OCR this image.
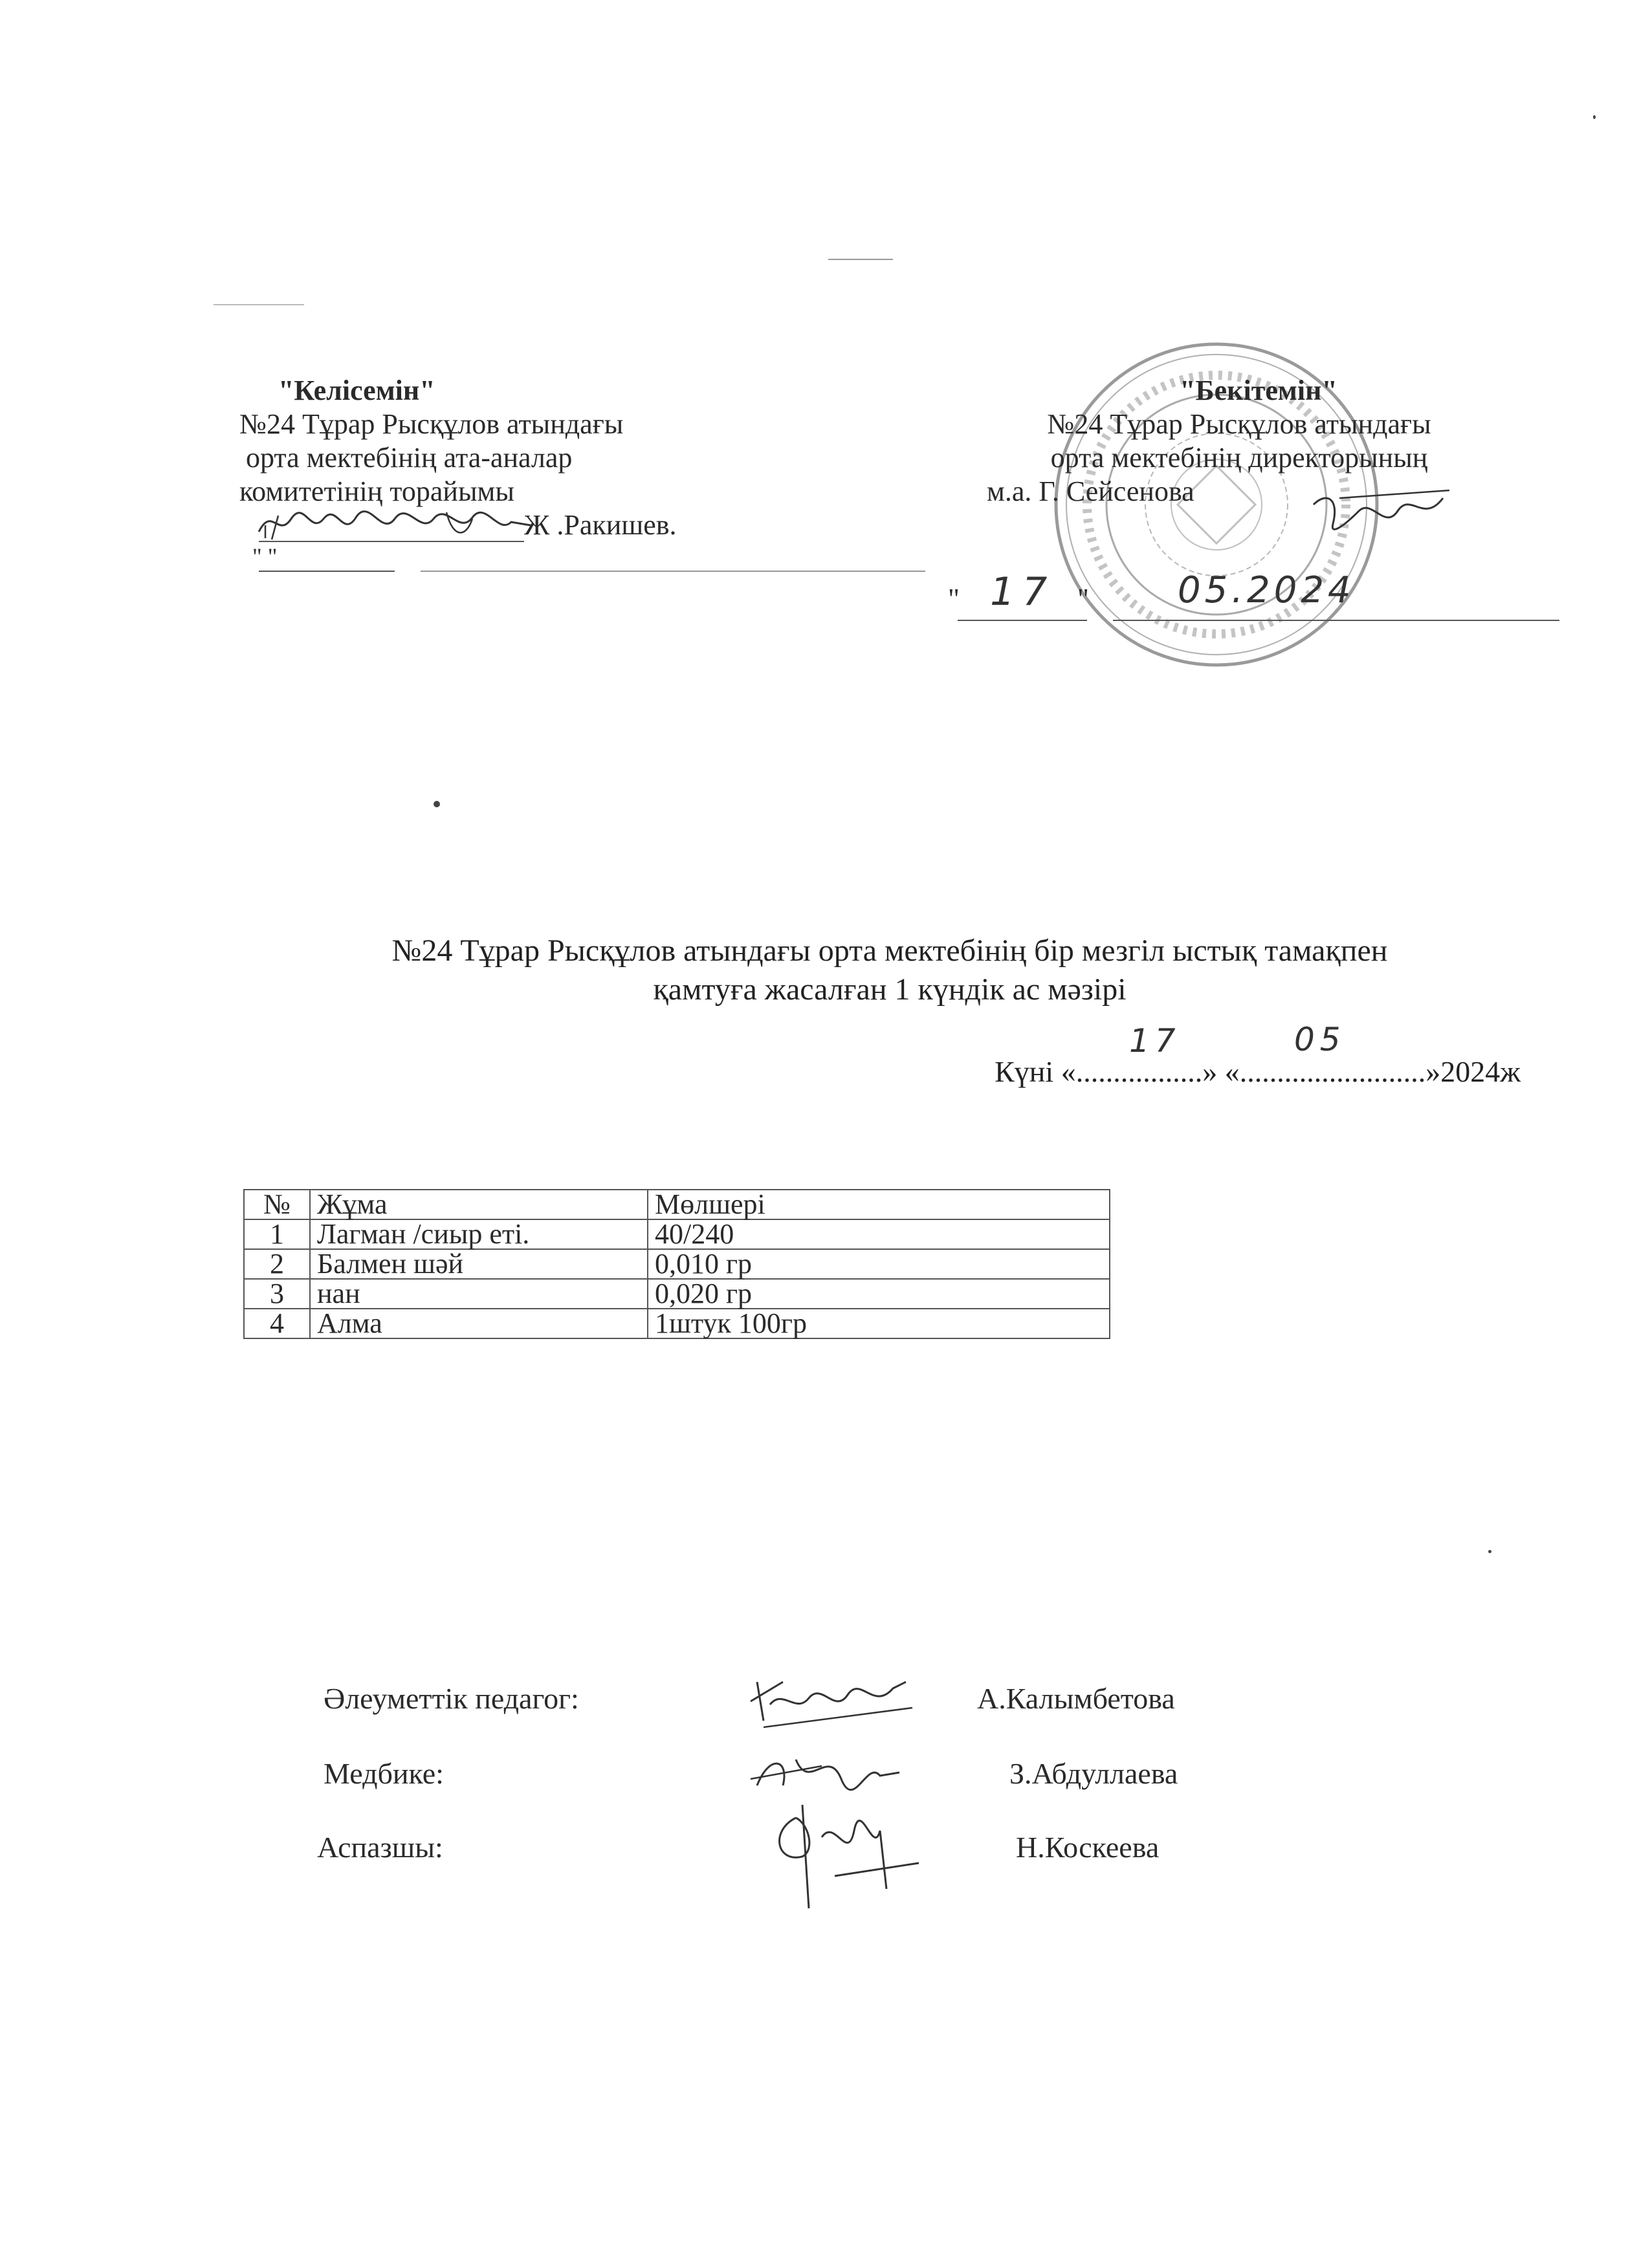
"Келісемін"
№24 Тұрар Рысқұлов атындағы
орта мектебінің ата-аналар
комитетінің торайымы
Ж .Ракишев.
" "
"Бекітемін"
№24 Тұрар Рысқұлов атындағы
орта мектебінің директорының
м.а. Г. Сейсенова
" 17 " 05.2024
№24 Тұрар Рысқұлов атындағы орта мектебінің бір мезгіл ыстық тамақпен
қамтуға жасалған 1 күндік ас мәзірі
Күні «.................» «.........................»2024ж
17	05
№	Жұма	Мөлшері
1	Лагман /сиыр еті.	40/240
2	Балмен шәй	0,010 гр
3	нан	0,020 гр
4	Алма	1штук 100гр
Әлеуметтік педагог:	А.Калымбетова
Медбике:	З.Абдуллаева
Аспазшы:	Н.Коскеева
